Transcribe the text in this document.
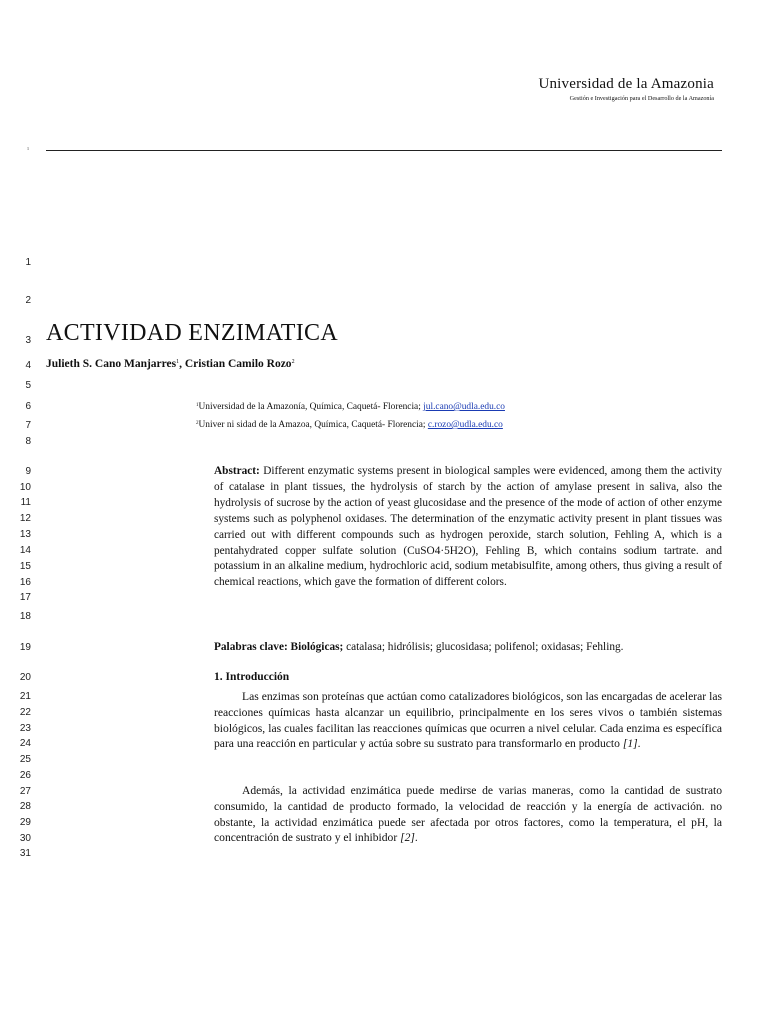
Universidad de la Amazonia
Gestión e Investigación para el Desarrollo de la Amazonía
1
1
2
3
4
5
6
7
8
9
10
11
12
13
14
15
16
17
18
19
20
21
22
23
24
25
26
27
28
29
30
31
ACTIVIDAD ENZIMATICA
Julieth S. Cano Manjarres$^1$, Cristian Camilo Rozo$^2$
$^1$Universidad de la Amazonía, Química, Caquetá- Florencia; jul.cano@udla.edu.co
$^2$Univer ni sidad de la Amazoa, Química, Caquetá- Florencia; c.rozo@udla.edu.co
Abstract: Different enzymatic systems present in biological samples were evidenced, among them the activity of catalase in plant tissues, the hydrolysis of starch by the action of amylase present in saliva, also the hydrolysis of sucrose by the action of yeast glucosidase and the presence of the mode of action of other enzyme systems such as polyphenol oxidases. The determination of the enzymatic activity present in plant tissues was carried out with different compounds such as hydrogen peroxide, starch solution, Fehling A, which is a pentahydrated copper sulfate solution (CuSO4·5H2O), Fehling B, which contains sodium tartrate. and potassium in an alkaline medium, hydrochloric acid, sodium metabisulfite, among others, thus giving a result of chemical reactions, which gave the formation of different colors.
Palabras clave: Biológicas; catalasa; hidrólisis; glucosidasa; polifenol; oxidasas; Fehling.
1. Introducción
Las enzimas son proteínas que actúan como catalizadores biológicos, son las encargadas de acelerar las reacciones químicas hasta alcanzar un equilibrio, principalmente en los seres vivos o también sistemas biológicos, las cuales facilitan las reacciones químicas que ocurren a nivel celular. Cada enzima es específica para una reacción en particular y actúa sobre su sustrato para transformarlo en producto [1].
Además, la actividad enzimática puede medirse de varias maneras, como la cantidad de sustrato consumido, la cantidad de producto formado, la velocidad de reacción y la energía de activación. no obstante, la actividad enzimática puede ser afectada por otros factores, como la temperatura, el pH, la concentración de sustrato y el inhibidor [2].
